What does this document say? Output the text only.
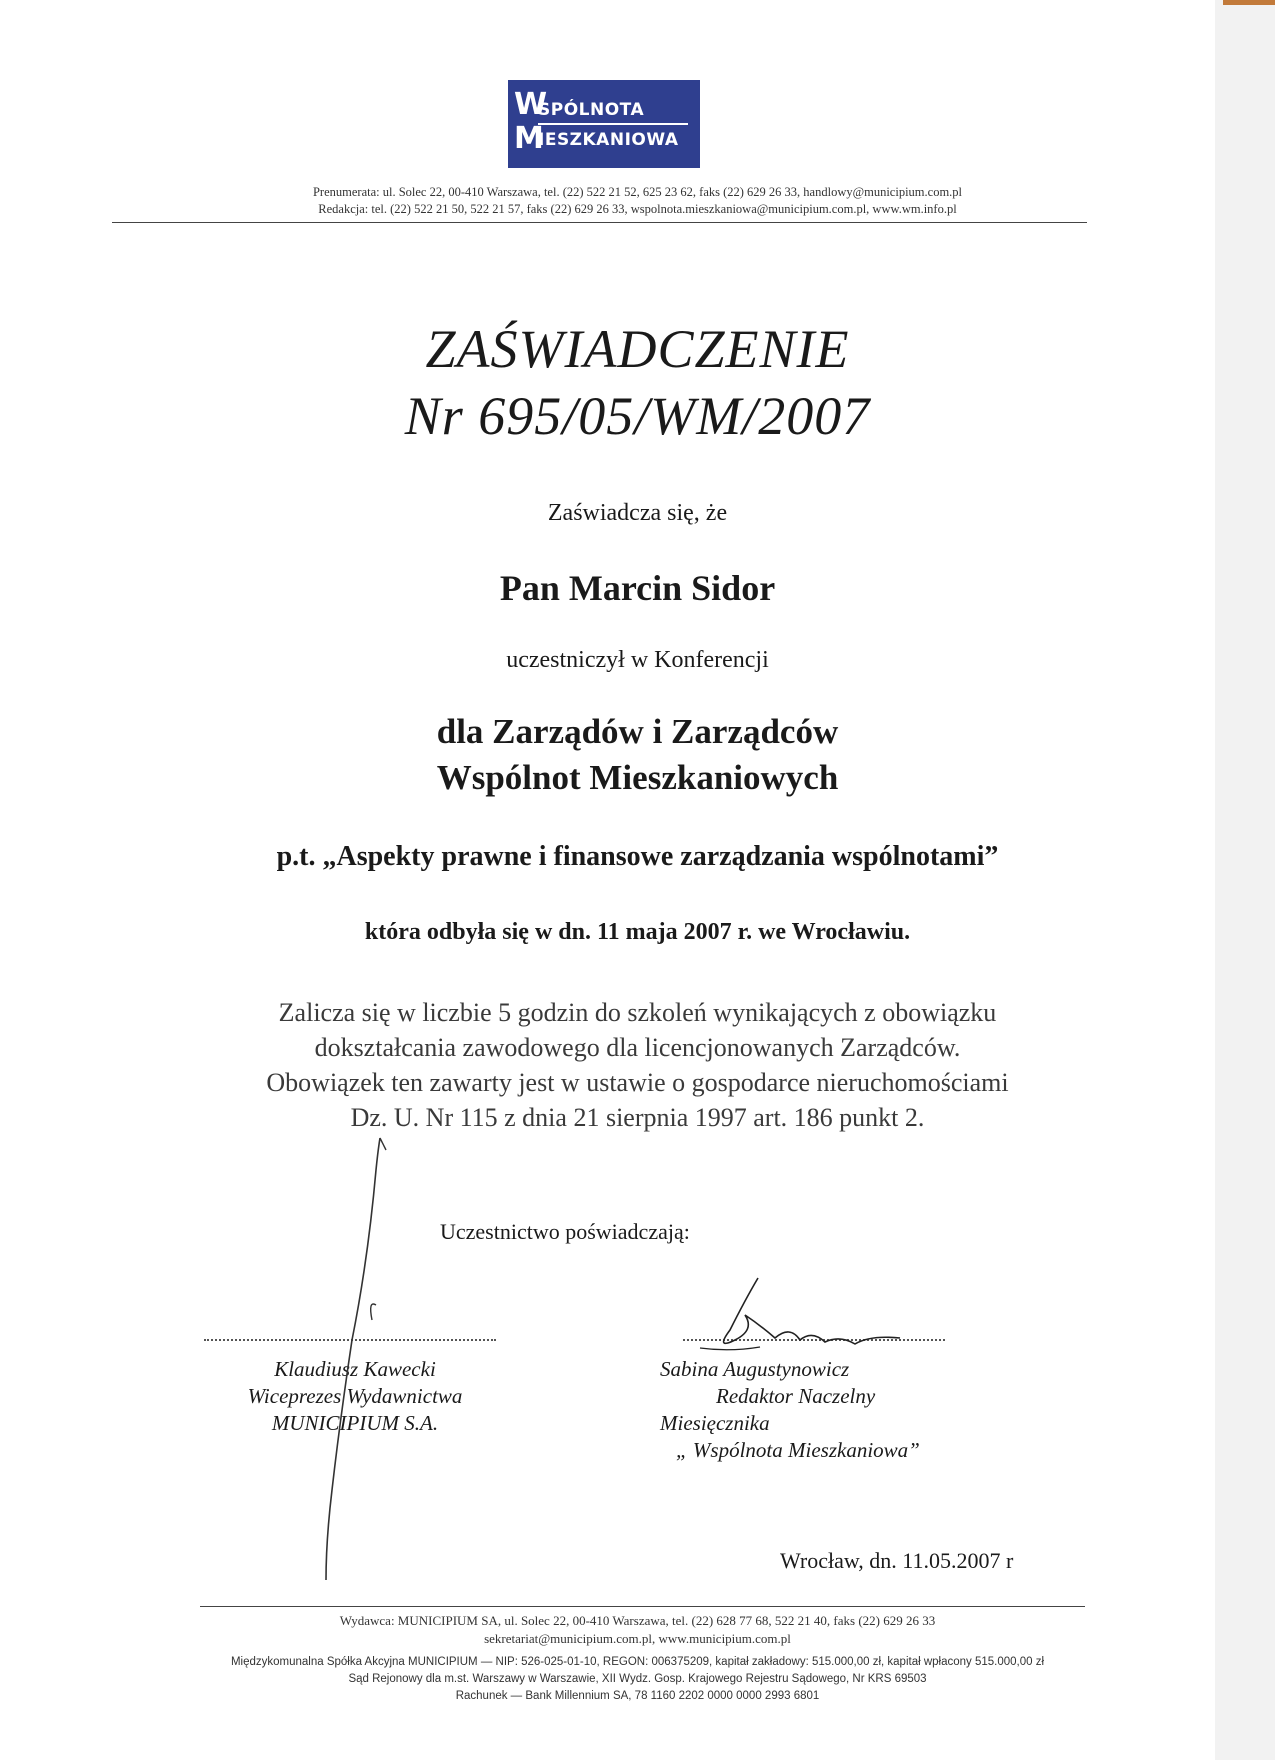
W
SPÓLNOTA
M
IESZKANIOWA
Prenumerata: ul. Solec 22, 00-410 Warszawa, tel. (22) 522 21 52, 625 23 62, faks (22) 629 26 33, handlowy@municipium.com.pl
Redakcja: tel. (22) 522 21 50, 522 21 57, faks (22) 629 26 33, wspolnota.mieszkaniowa@municipium.com.pl, www.wm.info.pl
ZAŚWIADCZENIE
Nr 695/05/WM/2007
Zaświadcza się, że
Pan Marcin Sidor
uczestniczył w Konferencji
dla Zarządów i Zarządców
Wspólnot Mieszkaniowych
p.t. „Aspekty prawne i finansowe zarządzania wspólnotami”
która odbyła się w dn. 11 maja 2007 r. we Wrocławiu.
Zalicza się w liczbie 5 godzin do szkoleń wynikających z obowiązku
dokształcania zawodowego dla licencjonowanych Zarządców.
Obowiązek ten zawarty jest w ustawie o gospodarce nieruchomościami
Dz. U. Nr 115 z dnia 21 sierpnia 1997 art. 186 punkt 2.
Uczestnictwo poświadczają:
Klaudiusz Kawecki
Wiceprezes Wydawnictwa
MUNICIPIUM S.A.
Sabina Augustynowicz
Redaktor Naczelny
Miesięcznika
„ Wspólnota Mieszkaniowa”
Wrocław, dn. 11.05.2007 r
Wydawca: MUNICIPIUM SA, ul. Solec 22, 00-410 Warszawa, tel. (22) 628 77 68, 522 21 40, faks (22) 629 26 33
sekretariat@municipium.com.pl, www.municipium.com.pl
Międzykomunalna Spółka Akcyjna MUNICIPIUM — NIP: 526-025-01-10, REGON: 006375209, kapitał zakładowy: 515.000,00 zł, kapitał wpłacony 515.000,00 zł
Sąd Rejonowy dla m.st. Warszawy w Warszawie, XII Wydz. Gosp. Krajowego Rejestru Sądowego, Nr KRS 69503
Rachunek — Bank Millennium SA, 78 1160 2202 0000 0000 2993 6801
